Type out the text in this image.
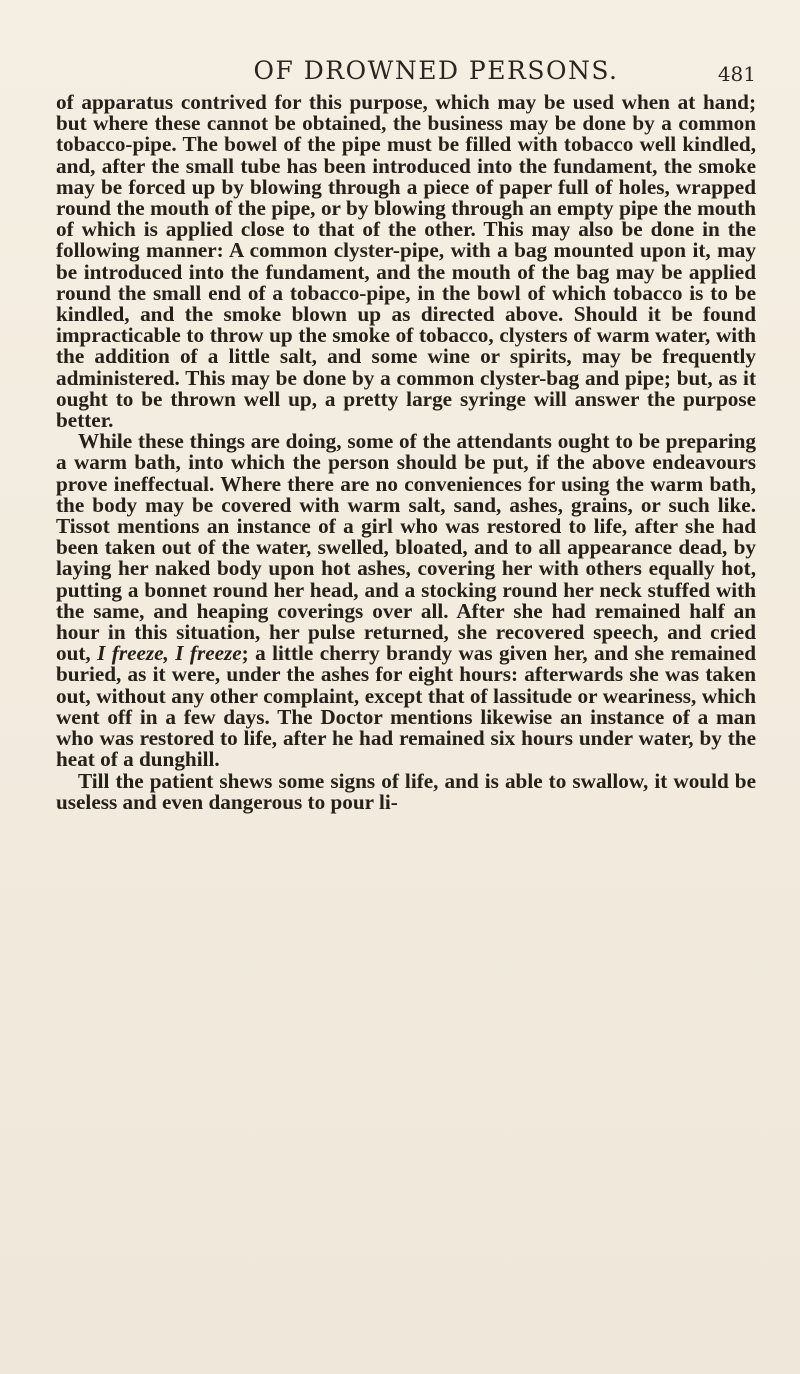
OF DROWNED PERSONS.	481

of apparatus contrived for this purpose, which may be used when at hand; but where these cannot be obtained, the business may be done by a common tobacco-pipe. The bowel of the pipe must be filled with tobacco well kindled, and, after the small tube has been introduced into the fundament, the smoke may be forced up by blowing through a piece of paper full of holes, wrapped round the mouth of the pipe, or by blowing through an empty pipe the mouth of which is applied close to that of the other. This may also be done in the following manner: A common clyster-pipe, with a bag mounted upon it, may be introduced into the fundament, and the mouth of the bag may be applied round the small end of a tobacco-pipe, in the bowl of which tobacco is to be kindled, and the smoke blown up as directed above. Should it be found impracticable to throw up the smoke of tobacco, clysters of warm water, with the addition of a little salt, and some wine or spirits, may be frequently administered. This may be done by a common clyster-bag and pipe; but, as it ought to be thrown well up, a pretty large syringe will answer the purpose better.

While these things are doing, some of the attendants ought to be preparing a warm bath, into which the person should be put, if the above endeavours prove ineffectual. Where there are no conveniences for using the warm bath, the body may be covered with warm salt, sand, ashes, grains, or such like. Tissot mentions an instance of a girl who was restored to life, after she had been taken out of the water, swelled, bloated, and to all appearance dead, by laying her naked body upon hot ashes, covering her with others equally hot, putting a bonnet round her head, and a stocking round her neck stuffed with the same, and heaping coverings over all. After she had remained half an hour in this situation, her pulse returned, she recovered speech, and cried out, I freeze, I freeze; a little cherry brandy was given her, and she remained buried, as it were, under the ashes for eight hours: afterwards she was taken out, without any other complaint, except that of lassitude or weariness, which went off in a few days. The Doctor mentions likewise an instance of a man who was restored to life, after he had remained six hours under water, by the heat of a dunghill.

Till the patient shews some signs of life, and is able to swallow, it would be useless and even dangerous to pour li-
